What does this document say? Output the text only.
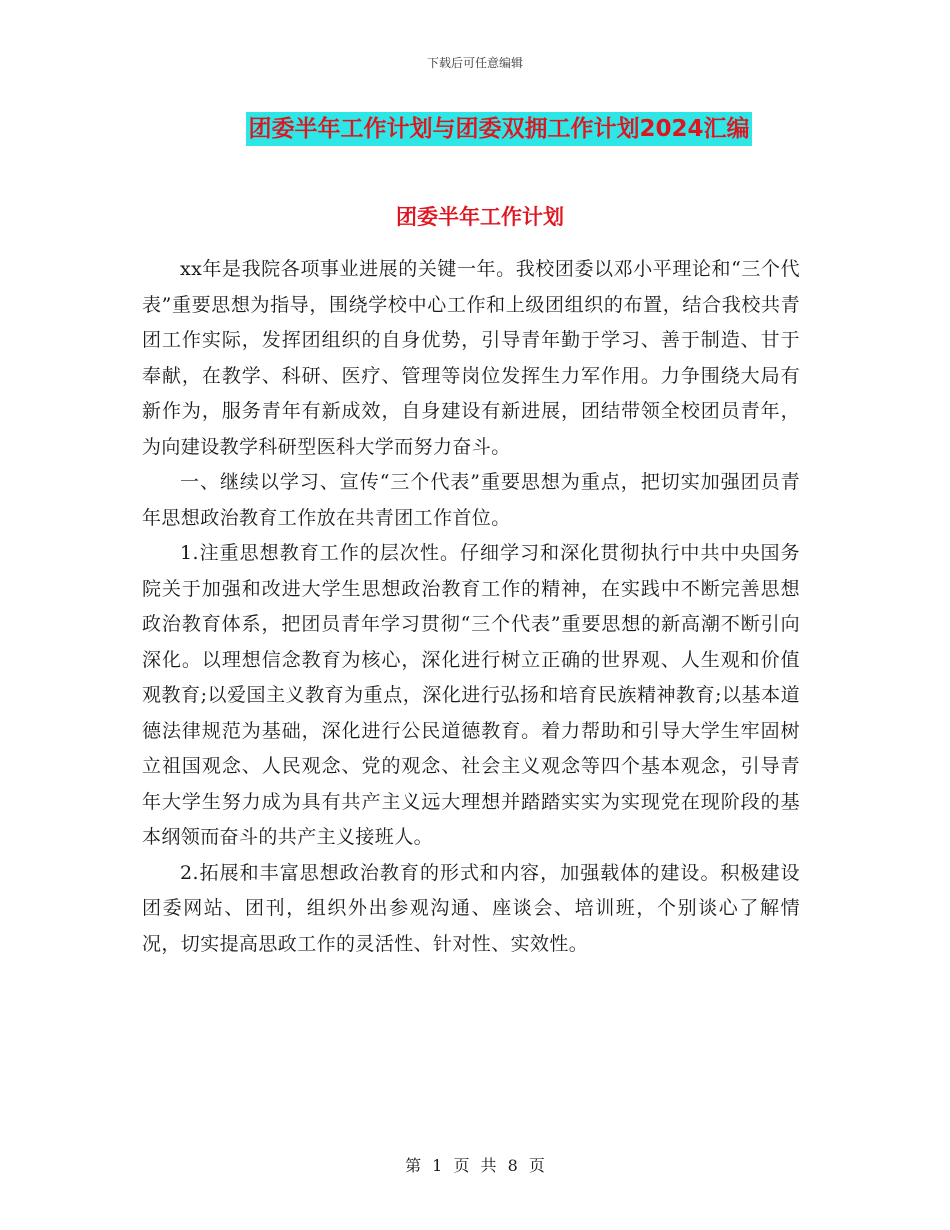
下载后可任意编辑
团委半年工作计划与团委双拥工作计划2024汇编
团委半年工作计划

xx年是我院各项事业进展的关键一年。我校团委以邓小平理论和“三个代表”重要思想为指导，围绕学校中心工作和上级团组织的布置，结合我校共青团工作实际，发挥团组织的自身优势，引导青年勤于学习、善于制造、甘于奉献，在教学、科研、医疗、管理等岗位发挥生力军作用。力争围绕大局有新作为，服务青年有新成效，自身建设有新进展，团结带领全校团员青年，为向建设教学科研型医科大学而努力奋斗。

一、继续以学习、宣传“三个代表”重要思想为重点，把切实加强团员青年思想政治教育工作放在共青团工作首位。

1.注重思想教育工作的层次性。仔细学习和深化贯彻执行中共中央国务院关于加强和改进大学生思想政治教育工作的精神，在实践中不断完善思想政治教育体系，把团员青年学习贯彻“三个代表”重要思想的新高潮不断引向深化。以理想信念教育为核心，深化进行树立正确的世界观、人生观和价值观教育;以爱国主义教育为重点，深化进行弘扬和培育民族精神教育;以基本道德法律规范为基础，深化进行公民道德教育。着力帮助和引导大学生牢固树立祖国观念、人民观念、党的观念、社会主义观念等四个基本观念，引导青年大学生努力成为具有共产主义远大理想并踏踏实实为实现党在现阶段的基本纲领而奋斗的共产主义接班人。

2.拓展和丰富思想政治教育的形式和内容，加强载体的建设。积极建设团委网站、团刊，组织外出参观沟通、座谈会、培训班，个别谈心了解情况，切实提高思政工作的灵活性、针对性、实效性。

第 1 页 共 8 页
